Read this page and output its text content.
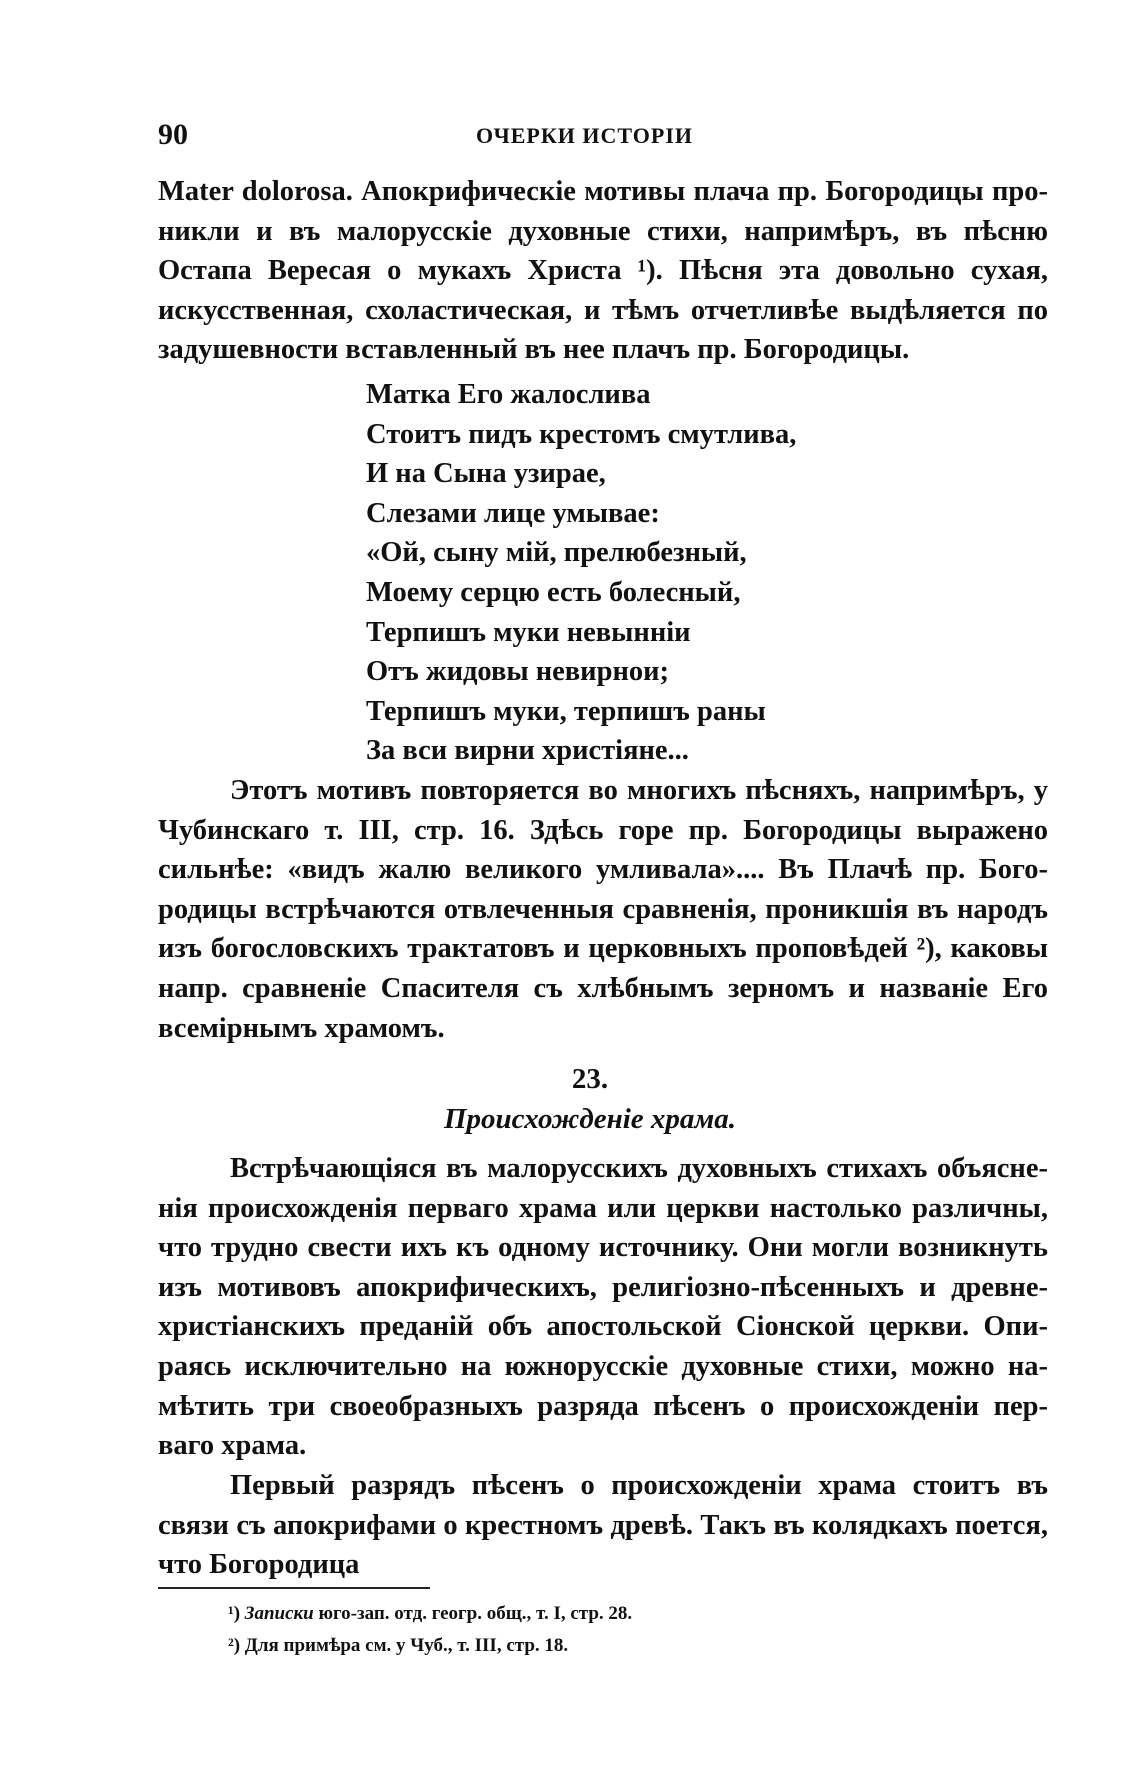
90	ОЧЕРКИ ИСТОРІИ
Mater dolorosa. Апокрифическіе мотивы плача пр. Богородицы про-
никли и въ малорусскіе духовные стихи, напримѣръ, въ пѣсню
Остапа Вересая о мукахъ Христа ¹). Пѣсня эта довольно сухая,
искусственная, схоластическая, и тѣмъ отчетливѣе выдѣляется по
задушевности вставленный въ нее плачъ пр. Богородицы.
Матка Его жалослива
Стоитъ пидъ крестомъ смутлива,
И на Сына узирае,
Слезами лице умывае:
«Ой, сыну мій, прелюбезный,
Моему серцю есть болесный,
Терпишъ муки невынніи
Отъ жидовы невирнои;
Терпишъ муки, терпишъ раны
За вси вирни христіяне...
Этотъ мотивъ повторяется во многихъ пѣсняхъ, напримѣръ, у
Чубинскаго т. III, стр. 16. Здѣсь горе пр. Богородицы выражено
сильнѣе: «видъ жалю великого умливала».... Въ Плачѣ пр. Бого-
родицы встрѣчаются отвлеченныя сравненія, проникшія въ народъ
изъ богословскихъ трактатовъ и церковныхъ проповѣдей ²), каковы
напр. сравненіе Спасителя съ хлѣбнымъ зерномъ и названіе Его
всемірнымъ храмомъ.
23.
Происхожденіе храма.
Встрѣчающіяся въ малорусскихъ духовныхъ стихахъ объясне-
нія происхожденія перваго храма или церкви настолько различны,
что трудно свести ихъ къ одному источнику. Они могли возникнуть
изъ мотивовъ апокрифическихъ, религіозно-пѣсенныхъ и древне-
христіанскихъ преданій объ апостольской Сіонской церкви. Опи-
раясь исключительно на южнорусскіе духовные стихи, можно на-
мѣтить три своеобразныхъ разряда пѣсенъ о происхожденіи пер-
ваго храма.
Первый разрядъ пѣсенъ о происхожденіи храма стоитъ въ
связи съ апокрифами о крестномъ древѣ. Такъ въ колядкахъ поется,
что Богородица
¹) Записки юго-зап. отд. геогр. общ., т. I, стр. 28.
²) Для примѣра см. у Чуб., т. III, стр. 18.
